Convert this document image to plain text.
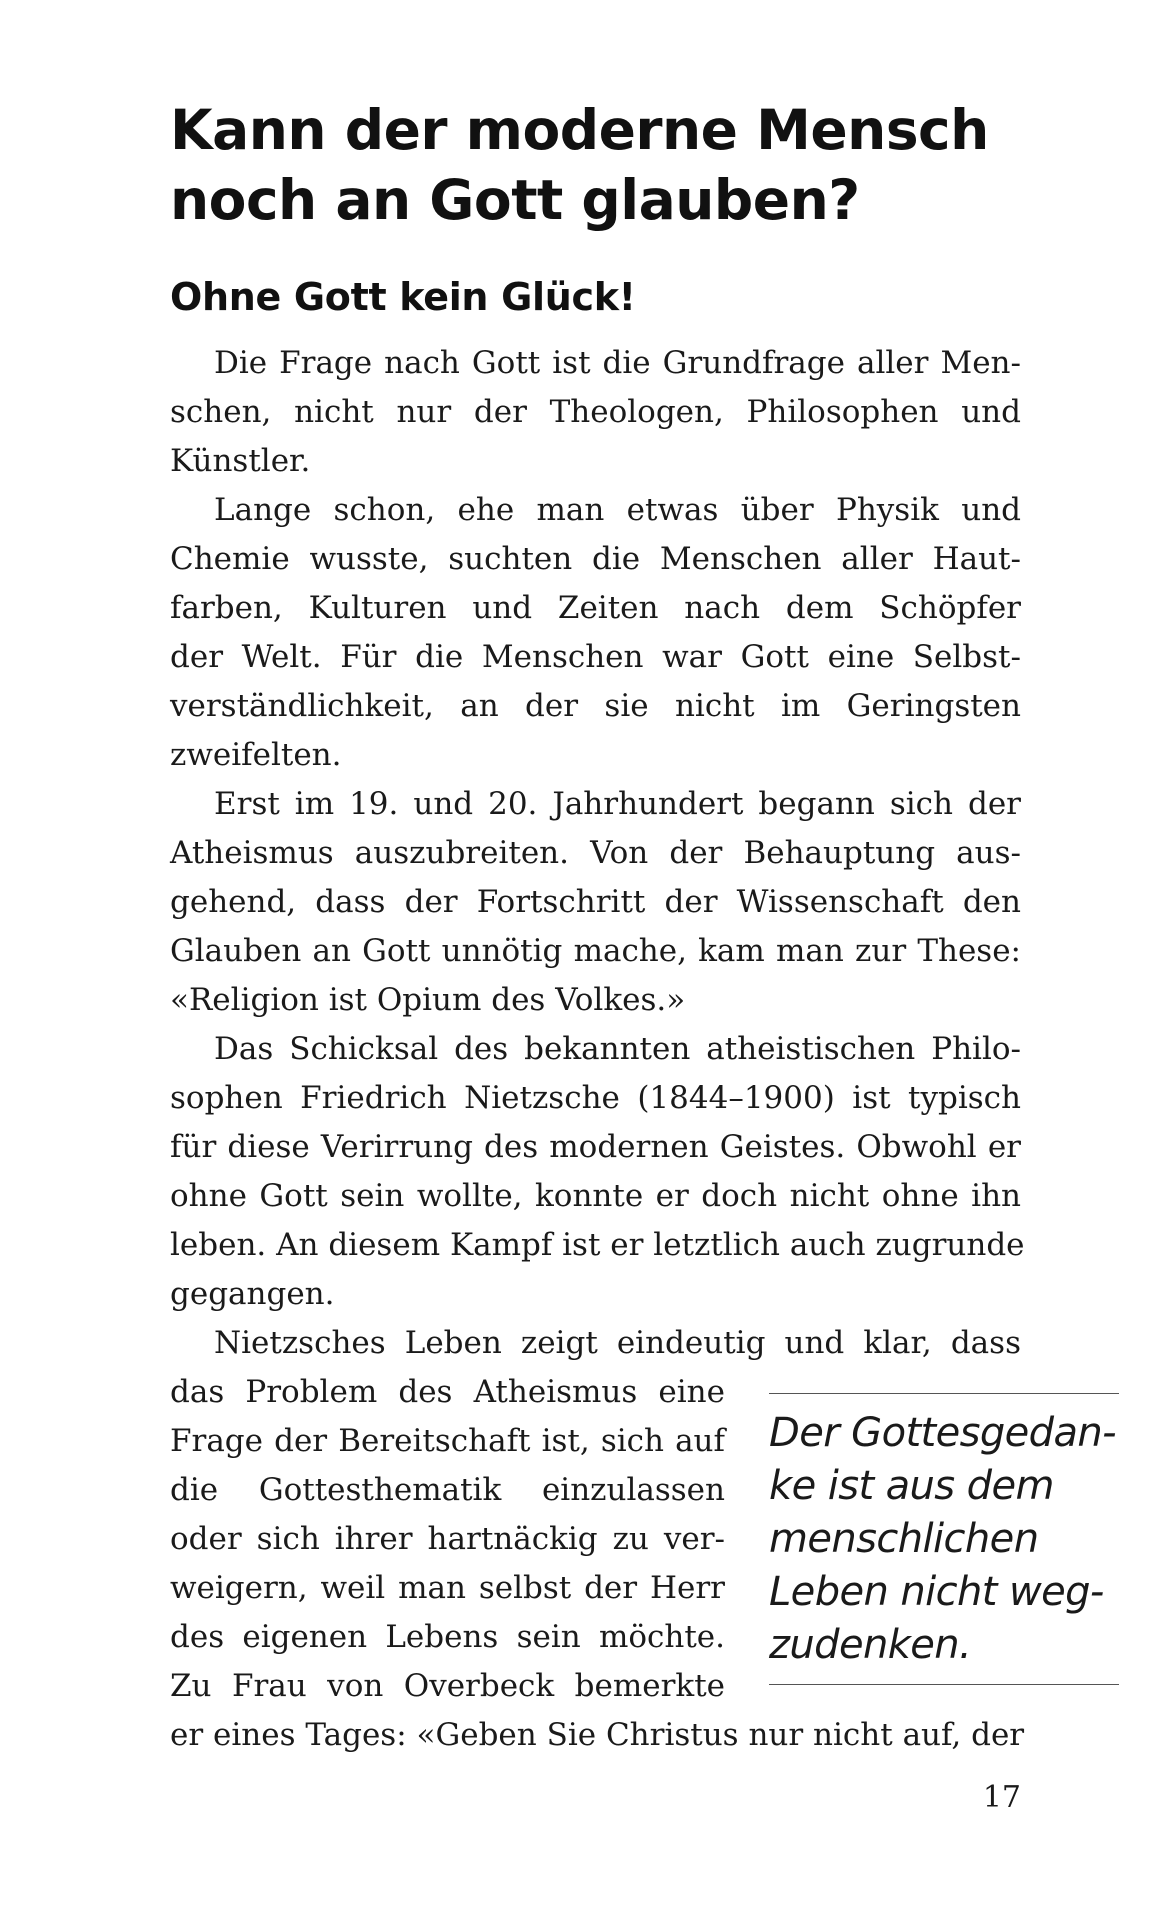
Kann der moderne Mensch
noch an Gott glauben?
Ohne Gott kein Glück!
Die Frage nach Gott ist die Grundfrage aller Men-
schen, nicht nur der Theologen, Philosophen und
Künstler.
Lange schon, ehe man etwas über Physik und
Chemie wusste, suchten die Menschen aller Haut-
farben, Kulturen und Zeiten nach dem Schöpfer
der Welt. Für die Menschen war Gott eine Selbst-
verständlichkeit, an der sie nicht im Geringsten
zweifelten.
Erst im 19. und 20. Jahrhundert begann sich der
Atheismus auszubreiten. Von der Behauptung aus-
gehend, dass der Fortschritt der Wissenschaft den
Glauben an Gott unnötig mache, kam man zur These:
«Religion ist Opium des Volkes.»
Das Schicksal des bekannten atheistischen Philo-
sophen Friedrich Nietzsche (1844–1900) ist typisch
für diese Verirrung des modernen Geistes. Obwohl er
ohne Gott sein wollte, konnte er doch nicht ohne ihn
leben. An diesem Kampf ist er letztlich auch zugrunde
gegangen.
Nietzsches Leben zeigt eindeutig und klar, dass
das Problem des Atheismus eine
Frage der Bereitschaft ist, sich auf
die Gottesthematik einzulassen
oder sich ihrer hartnäckig zu ver-
weigern, weil man selbst der Herr
des eigenen Lebens sein möchte.
Zu Frau von Overbeck bemerkte
er eines Tages: «Geben Sie Christus nur nicht auf, der
Der Gottesgedan-
ke ist aus dem
menschlichen
Leben nicht weg-
zudenken.
17
